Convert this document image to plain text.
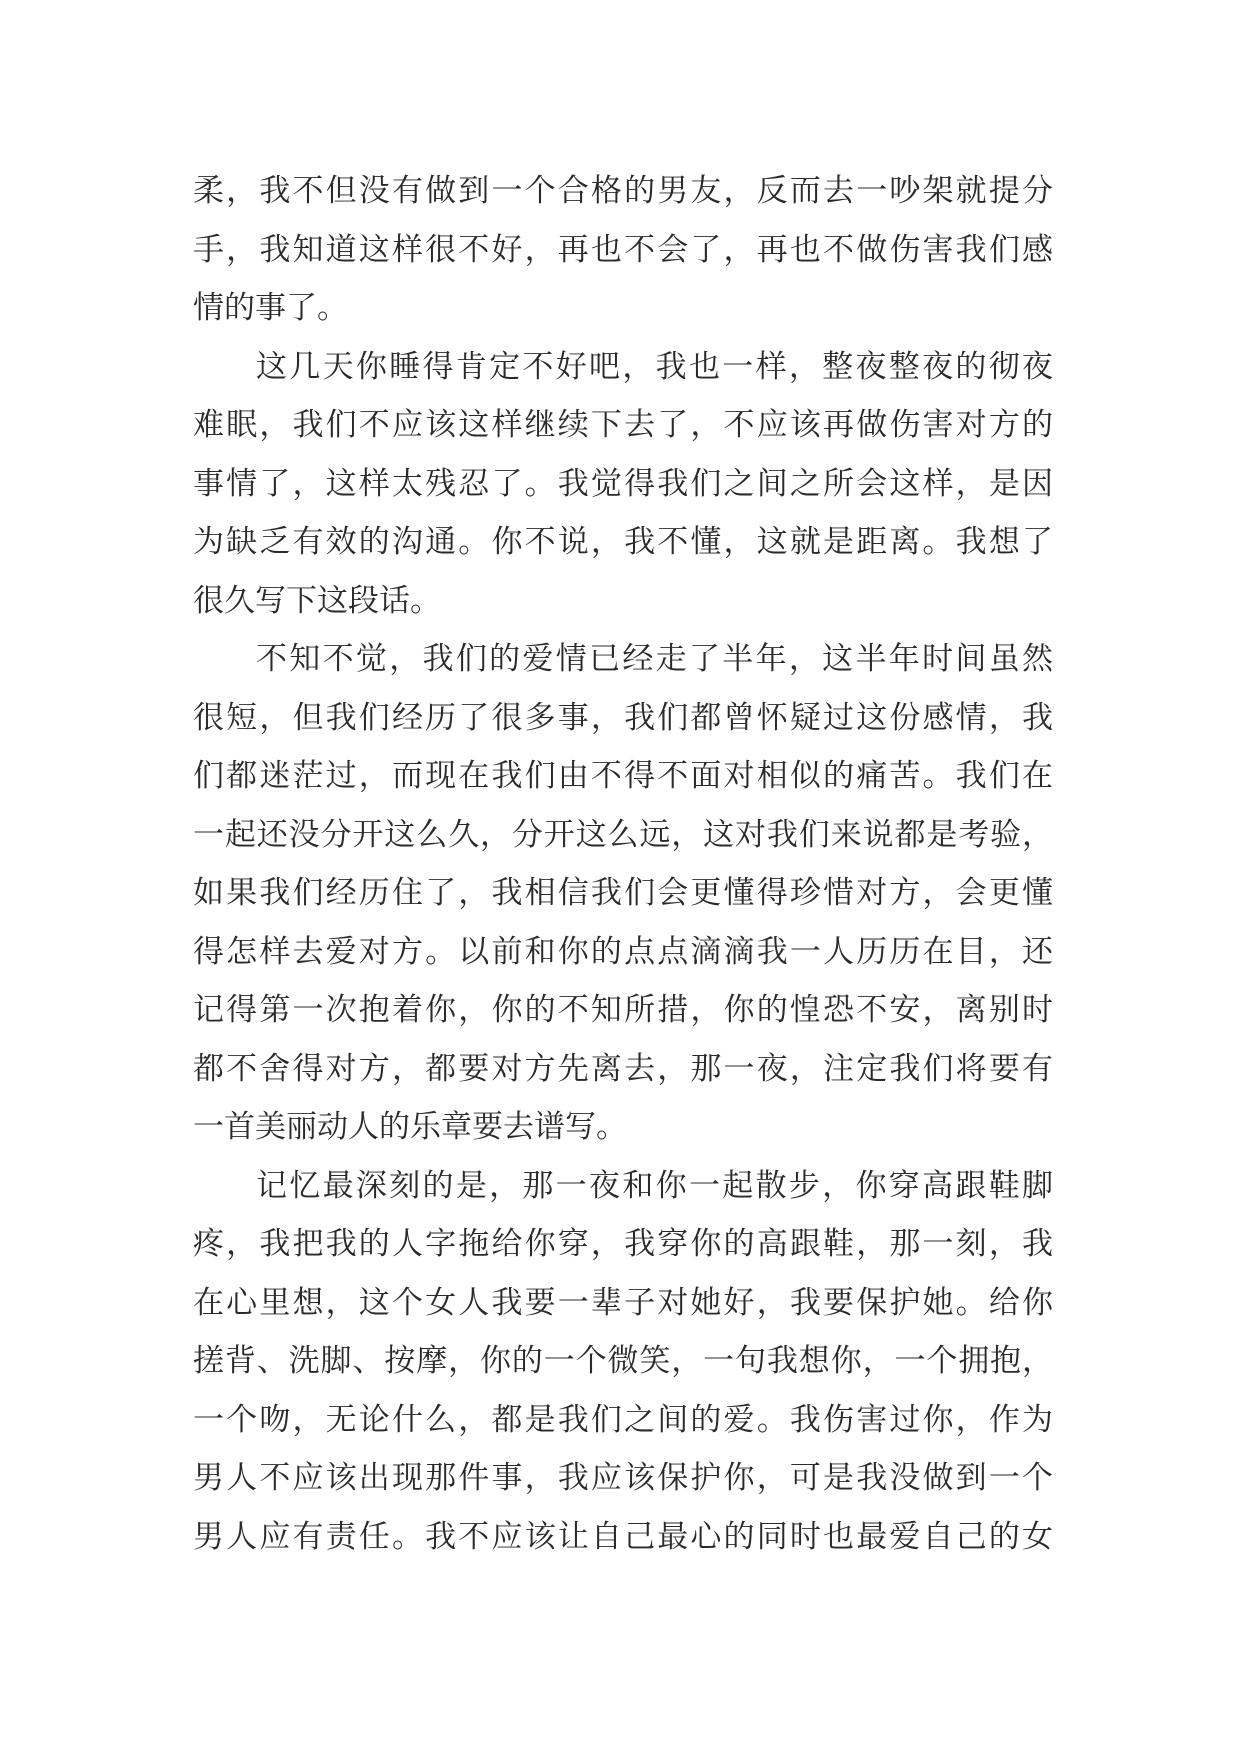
柔，我不但没有做到一个合格的男友，反而去一吵架就提分
手，我知道这样很不好，再也不会了，再也不做伤害我们感
情的事了。
这几天你睡得肯定不好吧，我也一样，整夜整夜的彻夜
难眠，我们不应该这样继续下去了，不应该再做伤害对方的
事情了，这样太残忍了。我觉得我们之间之所会这样，是因
为缺乏有效的沟通。你不说，我不懂，这就是距离。我想了
很久写下这段话。
不知不觉，我们的爱情已经走了半年，这半年时间虽然
很短，但我们经历了很多事，我们都曾怀疑过这份感情，我
们都迷茫过，而现在我们由不得不面对相似的痛苦。我们在
一起还没分开这么久，分开这么远，这对我们来说都是考验，
如果我们经历住了，我相信我们会更懂得珍惜对方，会更懂
得怎样去爱对方。以前和你的点点滴滴我一人历历在目，还
记得第一次抱着你，你的不知所措，你的惶恐不安，离别时
都不舍得对方，都要对方先离去，那一夜，注定我们将要有
一首美丽动人的乐章要去谱写。
记忆最深刻的是，那一夜和你一起散步，你穿高跟鞋脚
疼，我把我的人字拖给你穿，我穿你的高跟鞋，那一刻，我
在心里想，这个女人我要一辈子对她好，我要保护她。给你
搓背、洗脚、按摩，你的一个微笑，一句我想你，一个拥抱，
一个吻，无论什么，都是我们之间的爱。我伤害过你，作为
男人不应该出现那件事，我应该保护你，可是我没做到一个
男人应有责任。我不应该让自己最心的同时也最爱自己的女
